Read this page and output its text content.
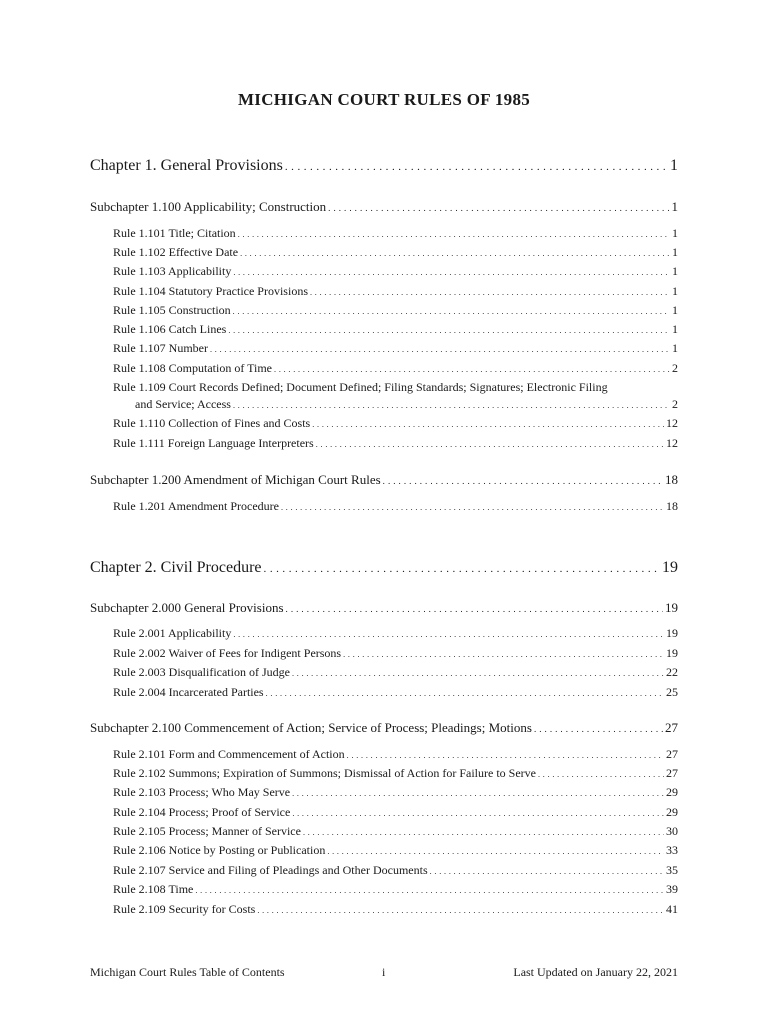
MICHIGAN COURT RULES OF 1985
Chapter 1. General Provisions . . .	1
Subchapter 1.100 Applicability; Construction . . .	1
Rule 1.101 Title; Citation . . .	1
Rule 1.102 Effective Date . . .	1
Rule 1.103 Applicability . . .	1
Rule 1.104 Statutory Practice Provisions . . .	1
Rule 1.105 Construction . . .	1
Rule 1.106 Catch Lines . . .	1
Rule 1.107 Number . . .	1
Rule 1.108 Computation of Time . . .	2
Rule 1.109 Court Records Defined; Document Defined; Filing Standards; Signatures; Electronic Filing
and Service; Access . . .	2
Rule 1.110 Collection of Fines and Costs . . .	12
Rule 1.111 Foreign Language Interpreters . . .	12
Subchapter 1.200 Amendment of Michigan Court Rules . . .	18
Rule 1.201 Amendment Procedure . . .	18
Chapter 2. Civil Procedure . . .	19
Subchapter 2.000 General Provisions . . .	19
Rule 2.001 Applicability . . .	19
Rule 2.002 Waiver of Fees for Indigent Persons . . .	19
Rule 2.003 Disqualification of Judge . . .	22
Rule 2.004 Incarcerated Parties . . .	25
Subchapter 2.100 Commencement of Action; Service of Process; Pleadings; Motions . . .	27
Rule 2.101 Form and Commencement of Action . . .	27
Rule 2.102 Summons; Expiration of Summons; Dismissal of Action for Failure to Serve . . .	27
Rule 2.103 Process; Who May Serve . . .	29
Rule 2.104 Process; Proof of Service . . .	29
Rule 2.105 Process; Manner of Service . . .	30
Rule 2.106 Notice by Posting or Publication . . .	33
Rule 2.107 Service and Filing of Pleadings and Other Documents . . .	35
Rule 2.108 Time . . .	39
Rule 2.109 Security for Costs . . .	41
Michigan Court Rules Table of Contents	i	Last Updated on January 22, 2021
